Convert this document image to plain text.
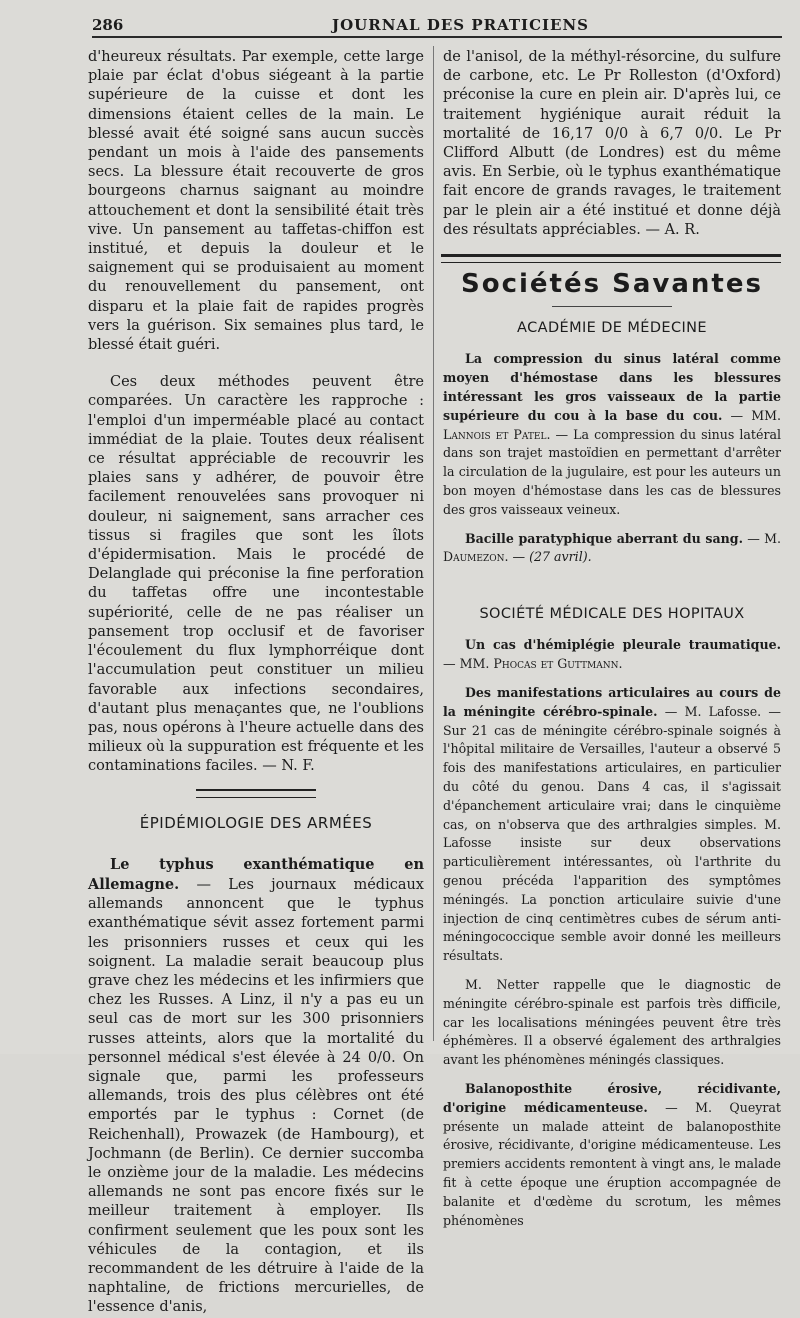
286	JOURNAL DES PRATICIENS

d'heureux résultats. Par exemple, cette large plaie par éclat d'obus siégeant à la partie supérieure de la cuisse et dont les dimensions étaient celles de la main. Le blessé avait été soigné sans aucun succès pendant un mois à l'aide des pansements secs. La blessure était recouverte de gros bourgeons charnus saignant au moindre attouchement et dont la sensibilité était très vive. Un pansement au taffetas-chiffon est institué, et depuis la douleur et le saignement qui se produisaient au moment du renouvellement du pansement, ont disparu et la plaie fait de rapides progrès vers la guérison. Six semaines plus tard, le blessé était guéri.

Ces deux méthodes peuvent être comparées. Un caractère les rapproche : l'emploi d'un imperméable placé au contact immédiat de la plaie. Toutes deux réalisent ce résultat appréciable de recouvrir les plaies sans y adhérer, de pouvoir être facilement renouvelées sans provoquer ni douleur, ni saignement, sans arracher ces tissus si fragiles que sont les îlots d'épidermisation. Mais le procédé de Delanglade qui préconise la fine perforation du taffetas offre une incontestable supériorité, celle de ne pas réaliser un pansement trop occlusif et de favoriser l'écoulement du flux lymphorréique dont l'accumulation peut constituer un milieu favorable aux infections secondaires, d'autant plus menaçantes que, ne l'oublions pas, nous opérons à l'heure actuelle dans des milieux où la suppuration est fréquente et les contaminations faciles. — N. F.

ÉPIDÉMIOLOGIE DES ARMÉES

Le typhus exanthématique en Allemagne. — Les journaux médicaux allemands annoncent que le typhus exanthématique sévit assez fortement parmi les prisonniers russes et ceux qui les soignent. La maladie serait beaucoup plus grave chez les médecins et les infirmiers que chez les Russes. A Linz, il n'y a pas eu un seul cas de mort sur les 300 prisonniers russes atteints, alors que la mortalité du personnel médical s'est élevée à 24 0/0. On signale que, parmi les professeurs allemands, trois des plus célèbres ont été emportés par le typhus : Cornet (de Reichenhall), Prowazek (de Hambourg), et Jochmann (de Berlin). Ce dernier succomba le onzième jour de la maladie. Les médecins allemands ne sont pas encore fixés sur le meilleur traitement à employer. Ils confirment seulement que les poux sont les véhicules de la contagion, et ils recommandent de les détruire à l'aide de la naphtaline, de frictions mercurielles, de l'essence d'anis,

de l'anisol, de la méthyl-résorcine, du sulfure de carbone, etc. Le Pr Rolleston (d'Oxford) préconise la cure en plein air. D'après lui, ce traitement hygiénique aurait réduit la mortalité de 16,17 0/0 à 6,7 0/0. Le Pr Clifford Albutt (de Londres) est du même avis. En Serbie, où le typhus exanthématique fait encore de grands ravages, le traitement par le plein air a été institué et donne déjà des résultats appréciables. — A. R.

Sociétés Savantes
ACADÉMIE DE MÉDECINE

La compression du sinus latéral comme moyen d'hémostase dans les blessures intéressant les gros vaisseaux de la partie supérieure du cou à la base du cou. — MM. Lannois et Patel. — La compression du sinus latéral dans son trajet mastoïdien en permettant d'arrêter la circulation de la jugulaire, est pour les auteurs un bon moyen d'hémostase dans les cas de blessures des gros vaisseaux veineux.

Bacille paratyphique aberrant du sang. — M. Daumezon. — (27 avril).

SOCIÉTÉ MÉDICALE DES HOPITAUX

Un cas d'hémiplégie pleurale traumatique. — MM. Phocas et Guttmann.

Des manifestations articulaires au cours de la méningite cérébro-spinale. — M. Lafosse. — Sur 21 cas de méningite cérébro-spinale soignés à l'hôpital militaire de Versailles, l'auteur a observé 5 fois des manifestations articulaires, en particulier du côté du genou. Dans 4 cas, il s'agissait d'épanchement articulaire vrai; dans le cinquième cas, on n'observa que des arthralgies simples. M. Lafosse insiste sur deux observations particulièrement intéressantes, où l'arthrite du genou précéda l'apparition des symptômes méningés. La ponction articulaire suivie d'une injection de cinq centimètres cubes de sérum anti-méningococcique semble avoir donné les meilleurs résultats.

M. Netter rappelle que le diagnostic de méningite cérébro-spinale est parfois très difficile, car les localisations méningées peuvent être très éphémères. Il a observé également des arthralgies avant les phénomènes méningés classiques.

Balanoposthite érosive, récidivante, d'origine médicamenteuse. — M. Queyrat présente un malade atteint de balanoposthite érosive, récidivante, d'origine médicamenteuse. Les premiers accidents remontent à vingt ans, le malade fit à cette époque une éruption accompagnée de balanite et d'œdème du scrotum, les mêmes phénomènes
